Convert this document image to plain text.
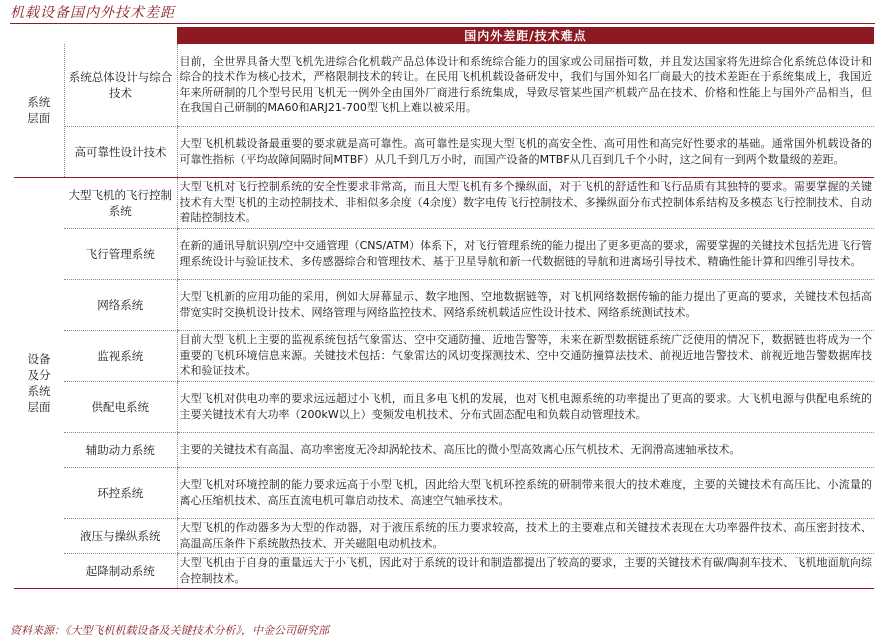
机载设备国内外技术差距
		国内外差距/技术难点
系统层面	系统总体设计与综合技术	目前，全世界具备大型飞机先进综合化机载产品总体设计和系统综合能力的国家或公司屈指可数，并且发达国家将先进综合化系统总体设计和综合的技术作为核心技术，严格限制技术的转让。在民用飞机机载设备研发中，我们与国外知名厂商最大的技术差距在于系统集成上，我国近年来所研制的几个型号民用飞机无一例外全由国外厂商进行系统集成，导致尽管某些国产机载产品在技术、价格和性能上与国外产品相当，但在我国自己研制的MA60和ARJ21-700型飞机上难以被采用。
	高可靠性设计技术	大型飞机机载设备最重要的要求就是高可靠性。高可靠性是实现大型飞机的高安全性、高可用性和高完好性要求的基础。通常国外机载设备的可靠性指标（平均故障间隔时间MTBF）从几千到几万小时，而国产设备的MTBF从几百到几千个小时，这之间有一到两个数量级的差距。
设备及分系统层面	大型飞机的飞行控制系统	大型飞机对飞行控制系统的安全性要求非常高，而且大型飞机有多个操纵面，对于飞机的舒适性和飞行品质有其独特的要求。需要掌握的关键技术有大型飞机的主动控制技术、非相似多余度（4余度）数字电传飞行控制技术、多操纵面分布式控制体系结构及多模态飞行控制技术、自动着陆控制技术。
	飞行管理系统	在新的通讯导航识别/空中交通管理（CNS/ATM）体系下，对飞行管理系统的能力提出了更多更高的要求，需要掌握的关键技术包括先进飞行管理系统设计与验证技术、多传感器综合和管理技术、基于卫星导航和新一代数据链的导航和进离场引导技术、精确性能计算和四维引导技术。
	网络系统	大型飞机新的应用功能的采用，例如大屏幕显示、数字地图、空地数据链等，对飞机网络数据传输的能力提出了更高的要求，关键技术包括高带宽实时交换机设计技术、网络管理与网络监控技术、网络系统机载适应性设计技术、网络系统测试技术。
	监视系统	目前大型飞机上主要的监视系统包括气象雷达、空中交通防撞、近地告警等，未来在新型数据链系统广泛使用的情况下，数据链也将成为一个重要的飞机环境信息来源。关键技术包括：气象雷达的风切变探测技术、空中交通防撞算法技术、前视近地告警技术、前视近地告警数据库技术和验证技术。
	供配电系统	大型飞机对供电功率的要求远远超过小飞机，而且多电飞机的发展，也对飞机电源系统的功率提出了更高的要求。大飞机电源与供配电系统的主要关键技术有大功率（200kW以上）变频发电机技术、分布式固态配电和负载自动管理技术。
	辅助动力系统	主要的关键技术有高温、高功率密度无冷却涡轮技术、高压比的微小型高效离心压气机技术、无润滑高速轴承技术。
	环控系统	大型飞机对环境控制的能力要求远高于小型飞机，因此给大型飞机环控系统的研制带来很大的技术难度，主要的关键技术有高压比、小流量的离心压缩机技术、高压直流电机可靠启动技术、高速空气轴承技术。
	液压与操纵系统	大型飞机的作动器多为大型的作动器，对于液压系统的压力要求较高，技术上的主要难点和关键技术表现在大功率器件技术、高压密封技术、高温高压条件下系统散热技术、开关磁阻电动机技术。
	起降制动系统	大型飞机由于自身的重量远大于小飞机，因此对于系统的设计和制造都提出了较高的要求，主要的关键技术有碳/陶刹车技术、飞机地面航向综合控制技术。
资料来源：《大型飞机机载设备及关键技术分析》，中金公司研究部
